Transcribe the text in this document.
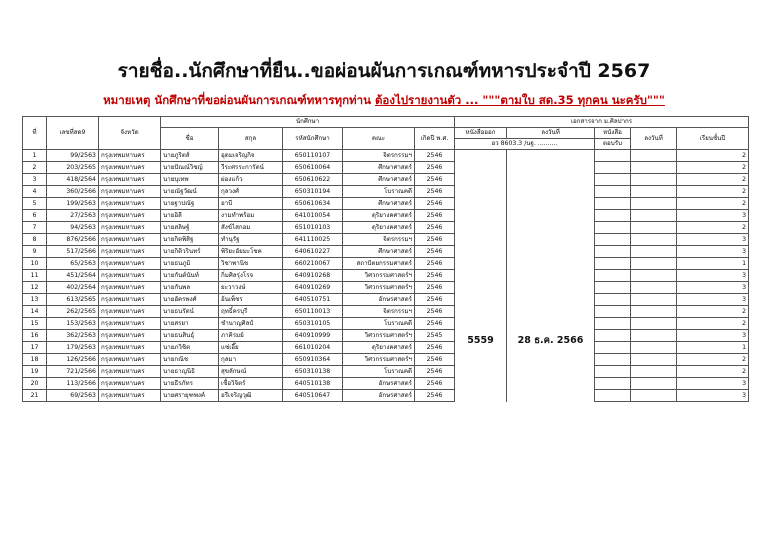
รายชื่อ..นักศึกษาที่ยืน..ขอผ่อนผันการเกณฑ์ทหารประจำปี 2567
หมายเหตุ นักศึกษาที่ขอผ่อนผันการเกณฑ์ทหารทุกท่าน ต้องไปรายงานตัว ... """ตามใบ สด.35 ทุกคน นะครับ"""
ที่	เลขที่สด9	จังหวัด	นักศึกษา					เอกสารจาก ม.ศิลปากร				
			ชื่อ	สกุล	รหัสนักศึกษา	คณะ	เกิดปี พ.ศ.	หนังสือออก	ลงวันที่	หนังสือ	ลงวันที่	เรียนชั้นปี
								อว 8603.3 /นฐ. ..........		ตอบรับ		
1	99/2563	กรุงเทพมหานคร	นายภูริตส์	อุดมเจริญกิจ	650110107	จิตรกรรมฯ	2546	5559	28 ธ.ค. 2566			2
2	203/2565	กรุงเทพมหานคร	นายปัณณ์วิชญ์	วีระศรระการัตน์	650610064	ศึกษาศาสตร์	2546					2
3	418/2564	กรุงเทพมหานคร	นายบุเทพ	ผ่องแก้ว	650610622	ศึกษาศาสตร์	2546					2
4	360/2566	กรุงเทพมหานคร	นายณัฐวัฒน์	กุลวงศ์	650310194	โบราณคดี	2546					2
5	199/2563	กรุงเทพมหานคร	นายฐาปณัฐ	อาบี	650610634	ศึกษาศาสตร์	2546					2
6	27/2563	กรุงเทพมหานคร	นายอิลี	งามทำพร้อม	641010054	ดุริยางคศาสตร์	2546					3
7	94/2563	กรุงเทพมหานคร	นายสลิษฐ์	สังข์ไสกอม	651010103	ดุริยางคศาสตร์	2546					2
8	876/2566	กรุงเทพมหานคร	นายกิตพิสิฐ	ทำนุรัฐ	641110025	จิตรกรรมฯ	2546					3
9	517/2566	กรุงเทพมหานคร	นายกิติวรินทร์	พิริยะอัยมะโชค	640610227	ศึกษาศาสตร์	2546					3
10	65/2563	กรุงเทพมหานคร	นายธนภูมิ	วิชาพานิช	660210067	สถาปัตยกรรมศาสตร์	2546					1
11	451/2564	กรุงเทพมหานคร	นายกันต์นันท์	กิ่มศิลรุ่งโรจ	640910268	วิศวกรรมศาสตร์ฯ	2546					3
12	402/2564	กรุงเทพมหานคร	นายกันพล	ยะวาวงษ์	640910269	วิศวกรรมศาสตร์ฯ	2546					3
13	613/2565	กรุงเทพมหานคร	นายอัครพงศ์	อ้นเพ็ชร	640510751	อักษรศาสตร์	2546					3
14	262/2565	กรุงเทพมหานคร	นายธนรัตน์	ฤทธิ์ครบุรี	650110013	จิตรกรรมฯ	2546					2
15	153/2563	กรุงเทพมหานคร	นายสรยา	ชำนาญศิลป์	650310105	โบราณคดี	2546					2
16	362/2563	กรุงเทพมหานคร	นายธนสินธุ์	ภาคิรมย์	640910999	วิศวกรรมศาสตร์ฯ	2545					3
17	179/2563	กรุงเทพมหานคร	นายภวิชิต	แซ่เอี๊ย	661010204	ดุริยางคศาสตร์	2546					1
18	126/2566	กรุงเทพมหานคร	นายกณิช	กุลมา	650910364	วิศวกรรมศาสตร์ฯ	2546					2
19	721/2566	กรุงเทพมหานคร	นายธาญนิธิ	สุขลักษณ์	650310138	โบราณคดี	2546					2
20	113/2566	กรุงเทพมหานคร	นายธีรภัทร	เชื้อวิจิตร์	640510138	อักษรศาสตร์	2546					3
21	69/2563	กรุงเทพมหานคร	นายศรายุฑพงค์	อรีเจริญวุฒิ	640510647	อักษรศาสตร์	2546					3
